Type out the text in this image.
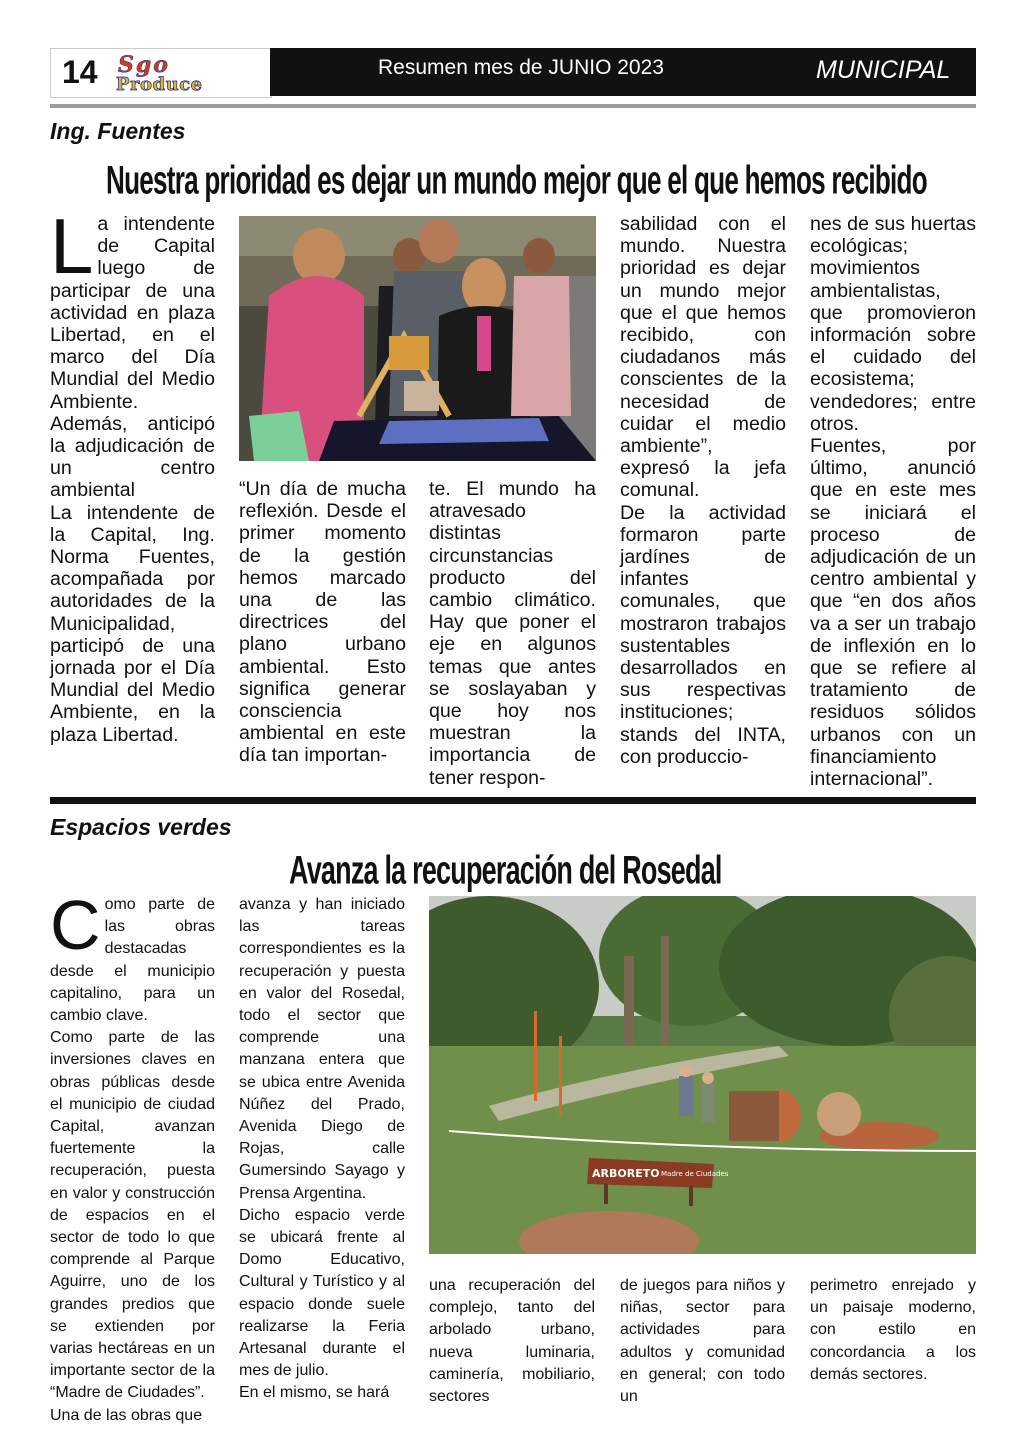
14 Sgo
Produce
Resumen mes de JUNIO 2023	MUNICIPAL
Ing. Fuentes
Nuestra prioridad es dejar un mundo mejor que el que hemos recibido

La intendente de Capital luego de participar de una actividad en plaza Libertad, en el marco del Día Mundial del Medio Ambiente. Además, anticipó la adjudicación de un centro ambiental

La intendente de la Capital, Ing. Norma Fuentes, acompañada por autoridades de la Municipalidad, participó de una jornada por el Día Mundial del Medio Ambiente, en la plaza Libertad.

“Un día de mucha reflexión. Desde el primer momento de la gestión hemos marcado una de las directrices del plano urbano ambiental. Esto significa generar consciencia ambiental en este día tan importan-

te. El mundo ha atravesado distintas circunstancias producto del cambio climático. Hay que poner el eje en algunos temas que antes se soslayaban y que hoy nos muestran la importancia de tener respon-

sabilidad con el mundo. Nuestra prioridad es dejar un mundo mejor que el que hemos recibido, con ciudadanos más conscientes de la necesidad de cuidar el medio ambiente”, expresó la jefa comunal.

De la actividad formaron parte jardínes de infantes comunales, que mostraron trabajos sustentables desarrollados en sus respectivas instituciones; stands del INTA, con produccio-

nes de sus huertas ecológicas; movimientos ambientalistas, que promovieron información sobre el cuidado del ecosistema; vendedores; entre otros.

Fuentes, por último, anunció que en este mes se iniciará el proceso de adjudicación de un centro ambiental y que “en dos años va a ser un trabajo de inflexión en lo que se refiere al tratamiento de residuos sólidos urbanos con un financiamiento internacional”.

Espacios verdes
Avanza la recuperación del Rosedal

Como parte de las obras destacadas desde el municipio capitalino, para un cambio clave.

Como parte de las inversiones claves en obras públicas desde el municipio de ciudad Capital, avanzan fuertemente la recuperación, puesta en valor y construcción de espacios en el sector de todo lo que comprende al Parque Aguirre, uno de los grandes predios que se extienden por varias hectáreas en un importante sector de la “Madre de Ciudades”.

Una de las obras que

avanza y han iniciado las tareas correspondientes es la recuperación y puesta en valor del Rosedal, todo el sector que comprende una manzana entera que se ubica entre Avenida Núñez del Prado, Avenida Diego de Rojas, calle Gumersindo Sayago y Prensa Argentina.

Dicho espacio verde se ubicará frente al Domo Educativo, Cultural y Turístico y al espacio donde suele realizarse la Feria Artesanal durante el mes de julio.

En el mismo, se hará

ARBORETO Madre de Ciudades

una recuperación del complejo, tanto del arbolado urbano, nueva luminaria, caminería, mobiliario, sectores

de juegos para niños y niñas, sector para actividades para adultos y comunidad en general; con todo un

perimetro enrejado y un paisaje moderno, con estilo en concordancia a los demás sectores.
